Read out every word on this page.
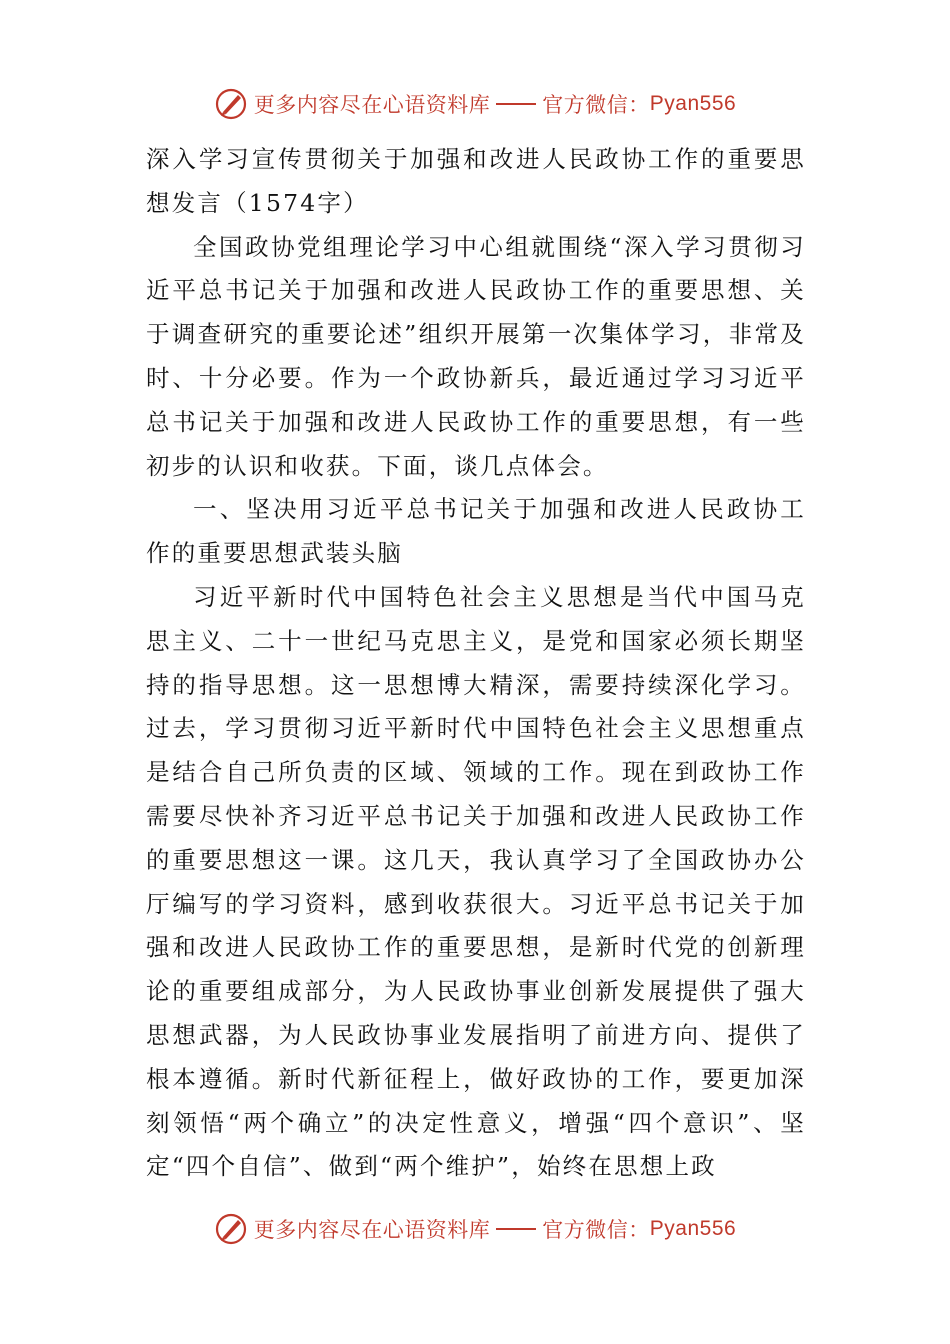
更多内容尽在心语资料库 官方微信： Pyan556

深入学习宣传贯彻关于加强和改进人民政协工作的重要思想发言（1574字）

全国政协党组理论学习中心组就围绕“深入学习贯彻习近平总书记关于加强和改进人民政协工作的重要思想、关于调查研究的重要论述”组织开展第一次集体学习，非常及时、十分必要。作为一个政协新兵，最近通过学习习近平总书记关于加强和改进人民政协工作的重要思想，有一些初步的认识和收获。下面，谈几点体会。

一、坚决用习近平总书记关于加强和改进人民政协工作的重要思想武装头脑

习近平新时代中国特色社会主义思想是当代中国马克思主义、二十一世纪马克思主义，是党和国家必须长期坚持的指导思想。这一思想博大精深，需要持续深化学习。过去，学习贯彻习近平新时代中国特色社会主义思想重点是结合自己所负责的区域、领域的工作。现在到政协工作需要尽快补齐习近平总书记关于加强和改进人民政协工作的重要思想这一课。这几天，我认真学习了全国政协办公厅编写的学习资料，感到收获很大。习近平总书记关于加强和改进人民政协工作的重要思想，是新时代党的创新理论的重要组成部分，为人民政协事业创新发展提供了强大思想武器，为人民政协事业发展指明了前进方向、提供了根本遵循。新时代新征程上，做好政协的工作，要更加深刻领悟“两个确立”的决定性意义，增强“四个意识”、坚定“四个自信”、做到“两个维护”，始终在思想上政

更多内容尽在心语资料库 官方微信： Pyan556
